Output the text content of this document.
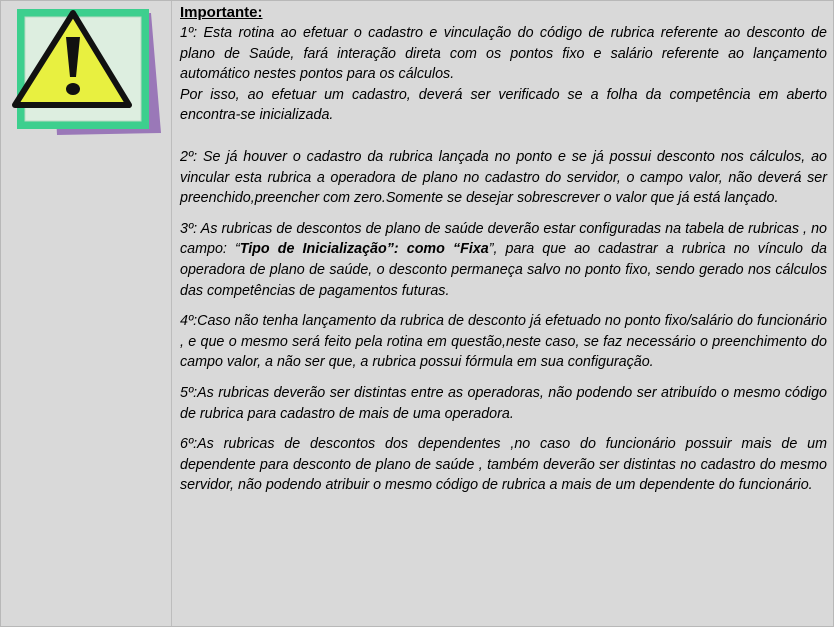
Importante:

1º: Esta rotina ao efetuar o cadastro e vinculação do código de rubrica referente ao desconto de plano de Saúde, fará interação direta com os pontos fixo e salário referente ao lançamento automático nestes pontos para os cálculos.

Por isso, ao efetuar um cadastro, deverá ser verificado se a folha da competência em aberto encontra-se inicializada.

2º: Se já houver o cadastro da rubrica lançada no ponto e se já possui desconto nos cálculos, ao vincular esta rubrica a operadora de plano no cadastro do servidor, o campo valor, não deverá ser preenchido,preencher com zero.Somente se desejar sobrescrever o valor que já está lançado.

3º: As rubricas de descontos de plano de saúde deverão estar configuradas na tabela de rubricas , no campo: “Tipo de Inicialização”: como “Fixa”, para que ao cadastrar a rubrica no vínculo da operadora de plano de saúde, o desconto permaneça salvo no ponto fixo, sendo gerado nos cálculos das competências de pagamentos futuras.

4º:Caso não tenha lançamento da rubrica de desconto já efetuado no ponto fixo/salário do funcionário , e que o mesmo será feito pela rotina em questão,neste caso, se faz necessário o preenchimento do campo valor, a não ser que, a rubrica possui fórmula em sua configuração.

5º:As rubricas deverão ser distintas entre as operadoras, não podendo ser atribuído o mesmo código de rubrica para cadastro de mais de uma operadora.

6º:As rubricas de descontos dos dependentes ,no caso do funcionário possuir mais de um dependente para desconto de plano de saúde , também deverão ser distintas no cadastro do mesmo servidor, não podendo atribuir o mesmo código de rubrica a mais de um dependente do funcionário.
